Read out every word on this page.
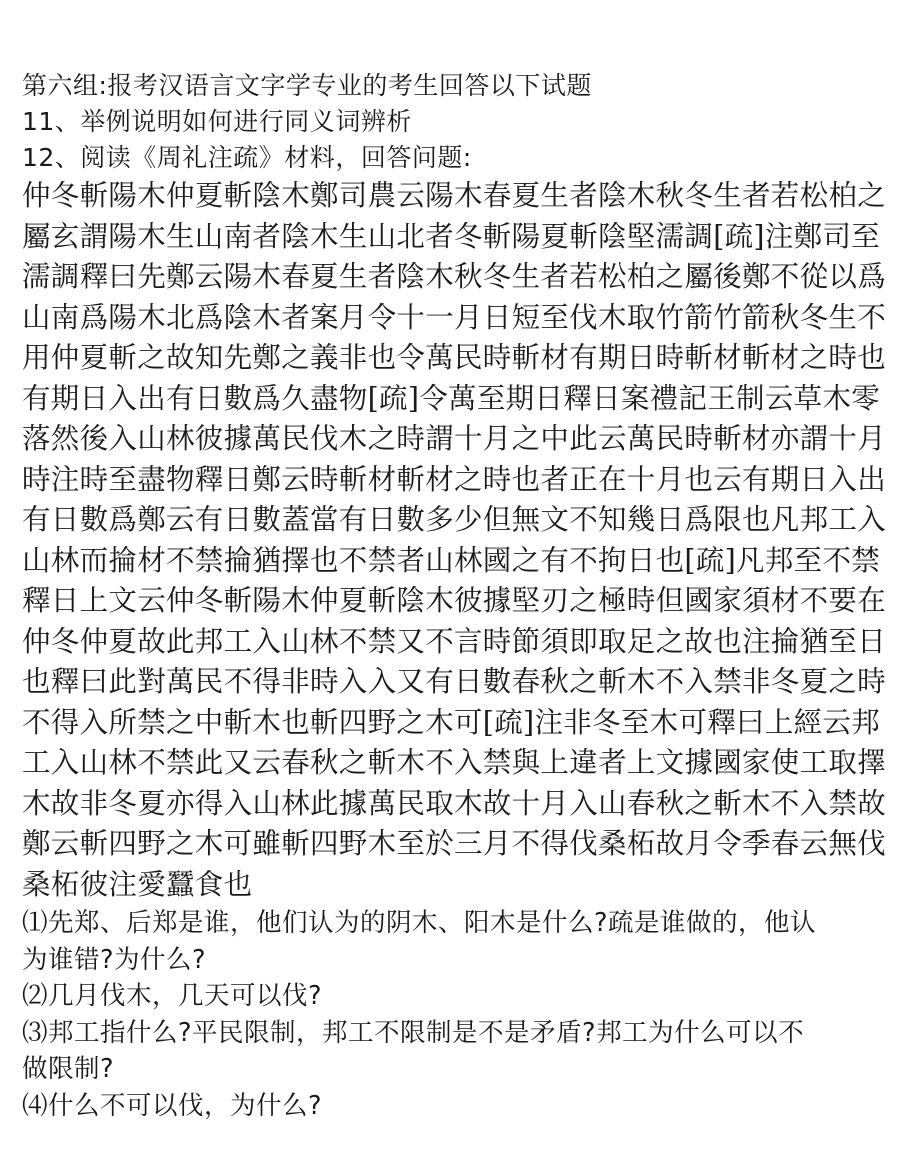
第六组:报考汉语言文字学专业的考生回答以下试题
11、举例说明如何进行同义词辨析
12、阅读《周礼注疏》材料，回答问题:
仲冬斬陽木仲夏斬陰木鄭司農云陽木春夏生者陰木秋冬生者若松柏之
屬玄謂陽木生山南者陰木生山北者冬斬陽夏斬陰堅濡調[疏]注鄭司至
濡調釋曰先鄭云陽木春夏生者陰木秋冬生者若松柏之屬後鄭不從以爲
山南爲陽木北爲陰木者案月令十一月日短至伐木取竹箭竹箭秋冬生不
用仲夏斬之故知先鄭之義非也令萬民時斬材有期日時斬材斬材之時也
有期日入出有日數爲久盡物[疏]令萬至期日釋日案禮記王制云草木零
落然後入山林彼據萬民伐木之時謂十月之中此云萬民時斬材亦謂十月
時注時至盡物釋日鄭云時斬材斬材之時也者正在十月也云有期日入出
有日數爲鄭云有日數蓋當有日數多少但無文不知幾日爲限也凡邦工入
山林而掄材不禁掄猶擇也不禁者山林國之有不拘日也[疏]凡邦至不禁
釋日上文云仲冬斬陽木仲夏斬陰木彼據堅刃之極時但國家須材不要在
仲冬仲夏故此邦工入山林不禁又不言時節須即取足之故也注掄猶至日
也釋曰此對萬民不得非時入入又有日數春秋之斬木不入禁非冬夏之時
不得入所禁之中斬木也斬四野之木可[疏]注非冬至木可釋曰上經云邦
工入山林不禁此又云春秋之斬木不入禁與上違者上文據國家使工取擇
木故非冬夏亦得入山林此據萬民取木故十月入山春秋之斬木不入禁故
鄭云斬四野之木可雖斬四野木至於三月不得伐桑柘故月令季春云無伐
桑柘彼注愛蠶食也
⑴先郑、后郑是谁，他们认为的阴木、阳木是什么?疏是谁做的，他认
为谁错?为什么?
⑵几月伐木，几天可以伐?
⑶邦工指什么?平民限制，邦工不限制是不是矛盾?邦工为什么可以不
做限制?
⑷什么不可以伐，为什么?
